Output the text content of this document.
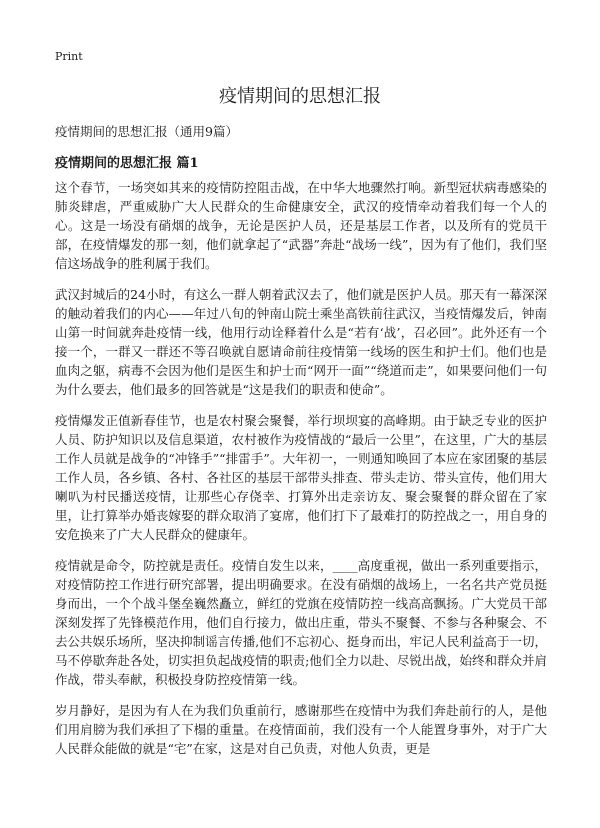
Print
疫情期间的思想汇报

疫情期间的思想汇报（通用9篇）

疫情期间的思想汇报 篇1

这个春节，一场突如其来的疫情防控阻击战，在中华大地骤然打响。新型冠状病毒感染的肺炎肆虐，严重威胁广大人民群众的生命健康安全，武汉的疫情牵动着我们每一个人的心。这是一场没有硝烟的战争，无论是医护人员，还是基层工作者，以及所有的党员干部，在疫情爆发的那一刻，他们就拿起了“武器”奔赴“战场一线”，因为有了他们，我们坚信这场战争的胜利属于我们。

武汉封城后的24小时，有这么一群人朝着武汉去了，他们就是医护人员。那天有一幕深深的触动着我们的内心——年过八旬的钟南山院士乘坐高铁前往武汉，当疫情爆发后，钟南山第一时间就奔赴疫情一线，他用行动诠释着什么是“若有‘战’，召必回”。此外还有一个接一个，一群又一群还不等召唤就自愿请命前往疫情第一线场的医生和护士们。他们也是血肉之躯，病毒不会因为他们是医生和护士而“网开一面”“绕道而走”，如果要问他们一句为什么要去，他们最多的回答就是“这是我们的职责和使命”。

疫情爆发正值新春佳节，也是农村聚会聚餐，举行坝坝宴的高峰期。由于缺乏专业的医护人员、防护知识以及信息渠道，农村被作为疫情战的“最后一公里”，在这里，广大的基层工作人员就是战争的“冲锋手”“排雷手”。大年初一，一则通知唤回了本应在家团聚的基层工作人员，各乡镇、各村、各社区的基层干部带头排查、带头走访、带头宣传，他们用大喇叭为村民播送疫情，让那些心存侥幸、打算外出走亲访友、聚会聚餐的群众留在了家里，让打算举办婚丧嫁娶的群众取消了宴席，他们打下了最难打的防控战之一，用自身的安危换来了广大人民群众的健康年。

疫情就是命令，防控就是责任。疫情自发生以来，____高度重视，做出一系列重要指示，对疫情防控工作进行研究部署，提出明确要求。在没有硝烟的战场上，一名名共产党员挺身而出，一个个战斗堡垒巍然矗立，鲜红的党旗在疫情防控一线高高飘扬。广大党员干部深刻发挥了先锋模范作用，他们自行接力，做出庄重，带头不聚餐、不参与各种聚会、不去公共娱乐场所，坚决抑制谣言传播,他们不忘初心、挺身而出，牢记人民利益高于一切，马不停歇奔赴各处，切实担负起战疫情的职责;他们全力以赴、尽锐出战，始终和群众并肩作战，带头奉献，积极投身防控疫情第一线。

岁月静好，是因为有人在为我们负重前行，感谢那些在疫情中为我们奔赴前行的人，是他们用肩膀为我们承担了下榻的重量。在疫情面前，我们没有一个人能置身事外，对于广大人民群众能做的就是“宅”在家，这是对自己负责，对他人负责，更是
